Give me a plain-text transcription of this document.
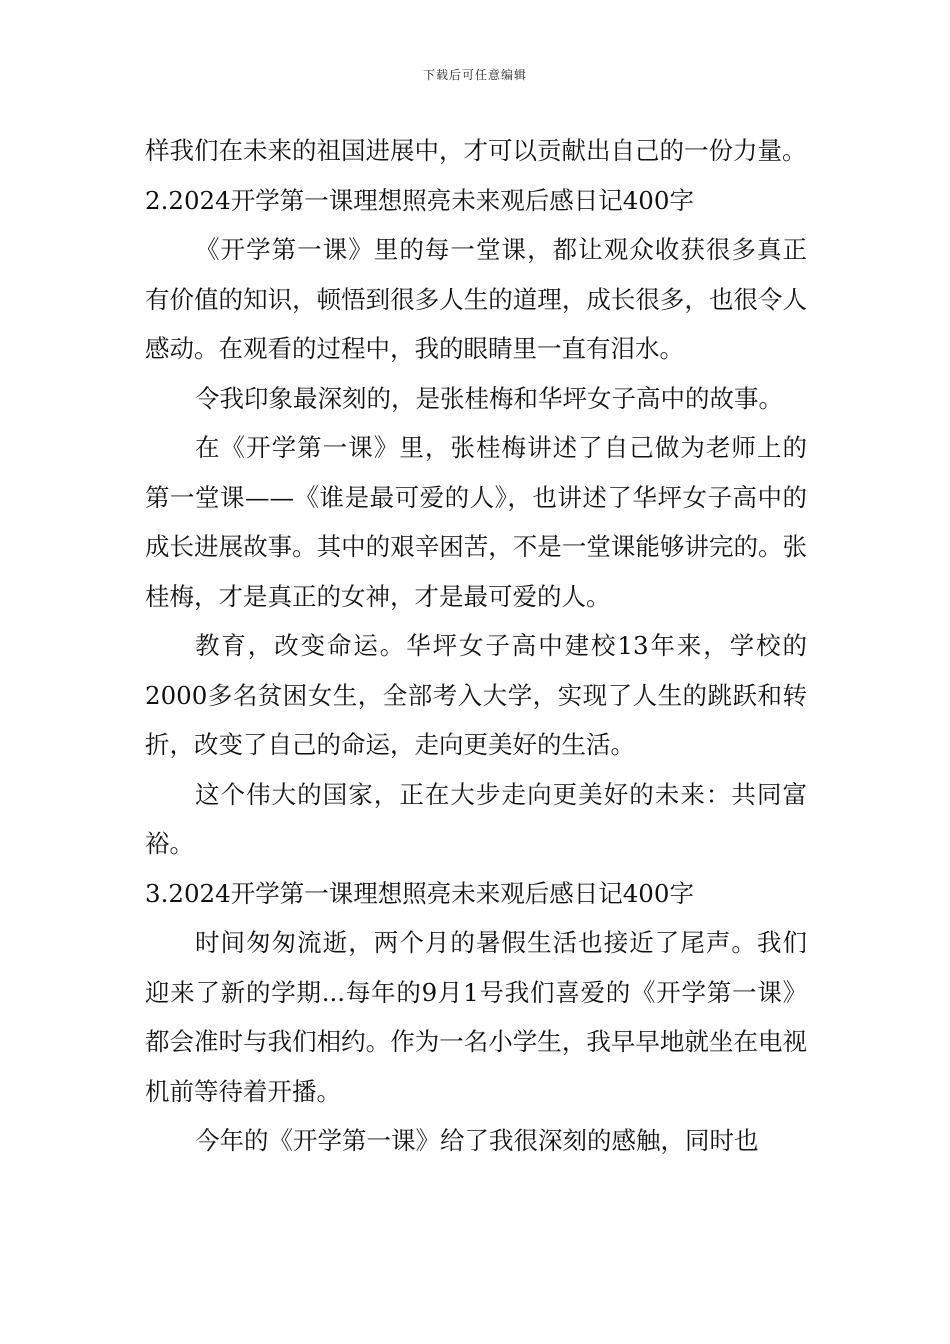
下载后可任意编辑

样我们在未来的祖国进展中，才可以贡献出自己的一份力量。

2.2024开学第一课理想照亮未来观后感日记400字

《开学第一课》里的每一堂课，都让观众收获很多真正有价值的知识，顿悟到很多人生的道理，成长很多，也很令人感动。在观看的过程中，我的眼睛里一直有泪水。

令我印象最深刻的，是张桂梅和华坪女子高中的故事。

在《开学第一课》里，张桂梅讲述了自己做为老师上的第一堂课——《谁是最可爱的人》，也讲述了华坪女子高中的成长进展故事。其中的艰辛困苦，不是一堂课能够讲完的。张桂梅，才是真正的女神，才是最可爱的人。

教育，改变命运。华坪女子高中建校13年来，学校的2000多名贫困女生，全部考入大学，实现了人生的跳跃和转折，改变了自己的命运，走向更美好的生活。

这个伟大的国家，正在大步走向更美好的未来：共同富裕。

3.2024开学第一课理想照亮未来观后感日记400字

时间匆匆流逝，两个月的暑假生活也接近了尾声。我们迎来了新的学期...每年的9月1号我们喜爱的《开学第一课》都会准时与我们相约。作为一名小学生，我早早地就坐在电视机前等待着开播。

今年的《开学第一课》给了我很深刻的感触，同时也
